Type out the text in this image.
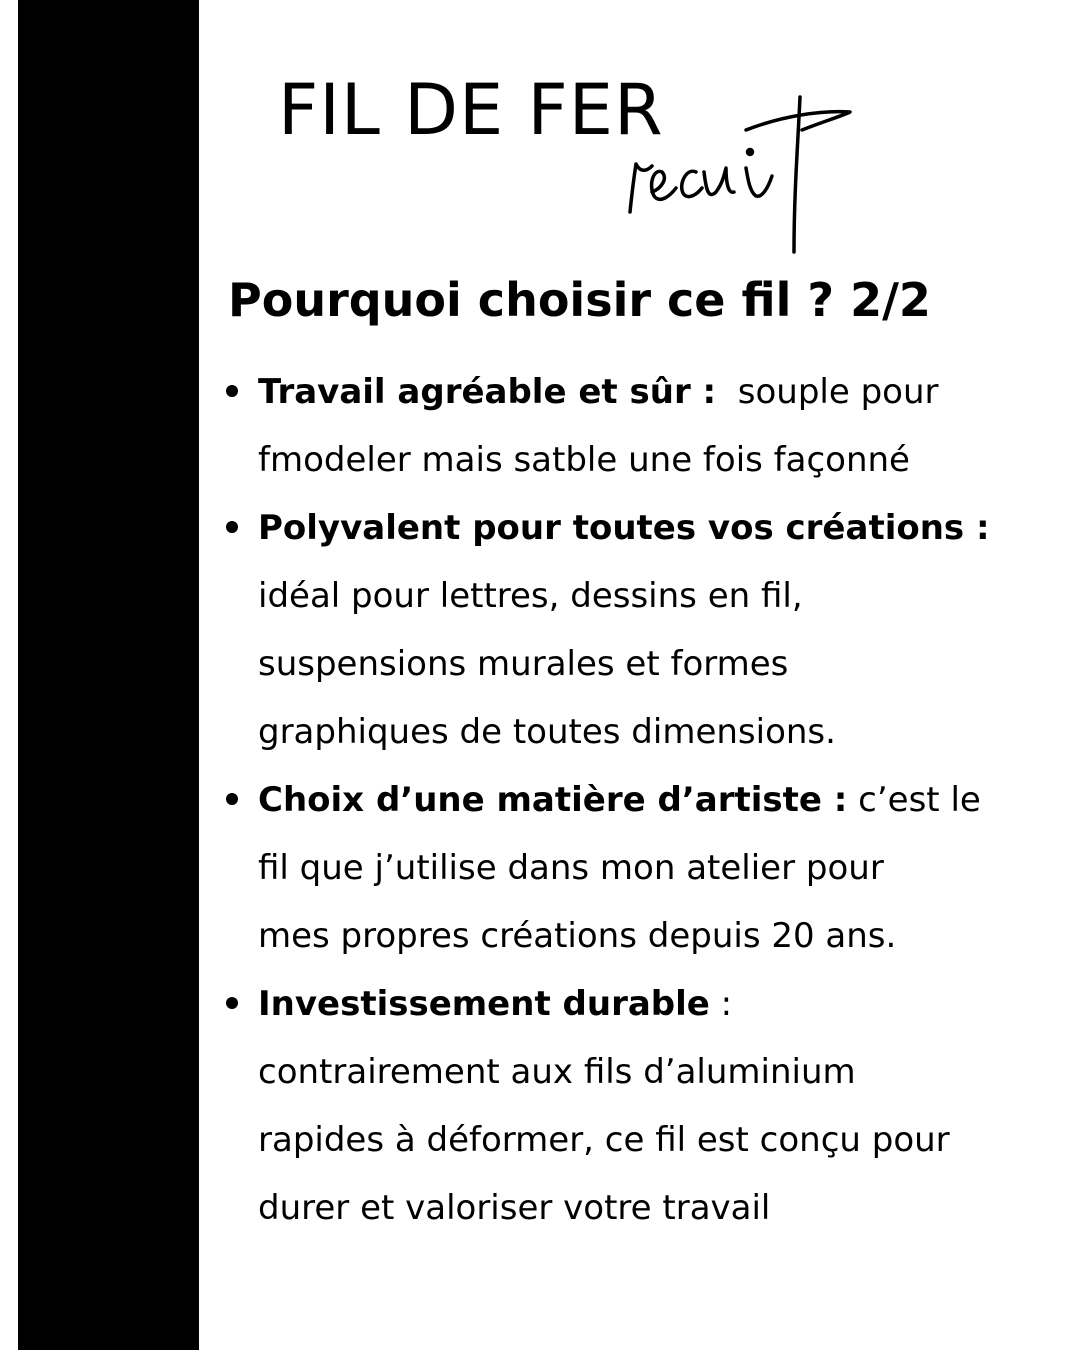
FIL DE FER
Pourquoi choisir ce fil ? 2/2
Travail agréable et sûr :  souple pour
fmodeler mais satble une fois façonné
Polyvalent pour toutes vos créations :
idéal pour lettres, dessins en fil,
suspensions murales et formes
graphiques de toutes dimensions.
Choix d’une matière d’artiste : c’est le
fil que j’utilise dans mon atelier pour
mes propres créations depuis 20 ans.
Investissement durable :
contrairement aux fils d’aluminium
rapides à déformer, ce fil est conçu pour
durer et valoriser votre travail
